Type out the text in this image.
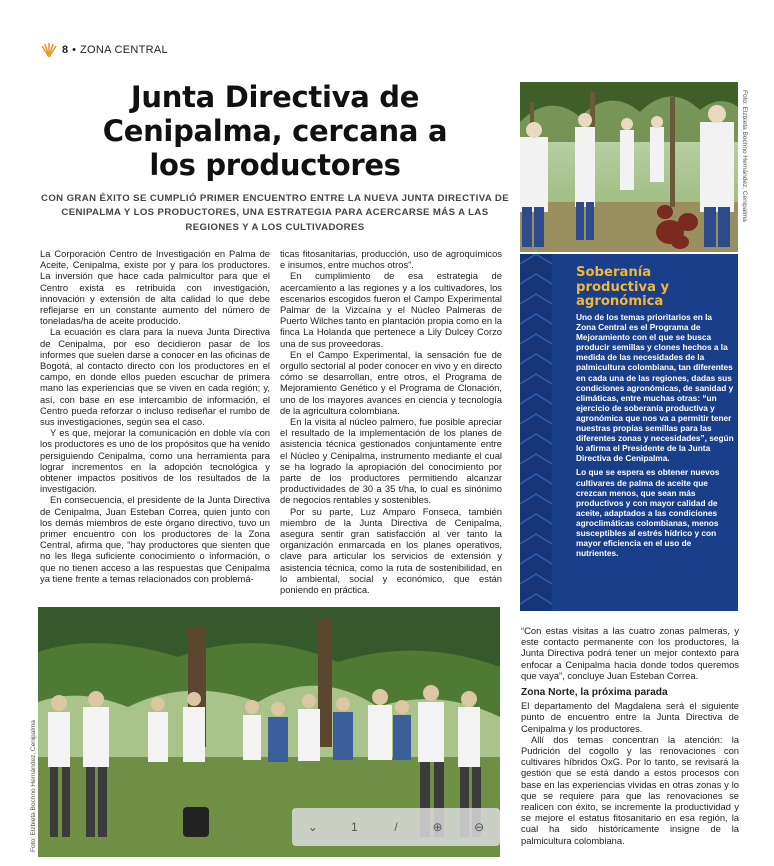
8 • ZONA CENTRAL
Junta Directiva de Cenipalma, cercana a los productores
CON GRAN ÉXITO SE CUMPLIÓ PRIMER ENCUENTRO ENTRE LA NUEVA JUNTA DIRECTIVA DE CENIPALMA Y LOS PRODUCTORES, UNA ESTRATEGIA PARA ACERCARSE MÁS A LAS REGIONES Y A LOS CULTIVADORES

La Corporación Centro de Investigación en Palma de Aceite, Cenipalma, existe por y para los productores. La inversión que hace cada palmicultor para que el Centro exista es retribuida con investigación, innovación y extensión de alta calidad lo que debe reflejarse en un constante aumento del número de toneladas/ha de aceite producido.

La ecuación es clara para la nueva Junta Directiva de Cenipalma, por eso decidieron pasar de los informes que suelen darse a conocer en las oficinas de Bogotá, al contacto directo con los productores en el campo, en donde ellos pueden escuchar de primera mano las experiencias que se viven en cada región; y, así, con base en ese intercambio de información, el Centro pueda reforzar o incluso rediseñar el rumbo de sus investigaciones, según sea el caso.

Y es que, mejorar la comunicación en doble vía con los productores es uno de los propósitos que ha venido persiguiendo Cenipalma, como una herramienta para lograr incrementos en la adopción tecnológica y obtener impactos positivos de los resultados de la investigación.

En consecuencia, el presidente de la Junta Directiva de Cenipalma, Juan Esteban Correa, quien junto con los demás miembros de este órgano directivo, tuvo un primer encuentro con los productores de la Zona Central, afirma que, “hay productores que sienten que no les llega suficiente conocimiento o información, o que no tienen acceso a las respuestas que Cenipalma ya tiene frente a temas relacionados con problemá-

ticas fitosanitarias, producción, uso de agroquímicos e insumos, entre muchos otros”.

En cumplimiento de esa estrategia de acercamiento a las regiones y a los cultivadores, los escenarios escogidos fueron el Campo Experimental Palmar de la Vizcaína y el Núcleo Palmeras de Puerto Wilches tanto en plantación propia como en la finca La Holanda que pertenece a Lily Dulcey Corzo una de sus proveedoras.

En el Campo Experimental, la sensación fue de orgullo sectorial al poder conocer en vivo y en directo cómo se desarrollan, entre otros, el Programa de Mejoramiento Genético y el Programa de Clonación, uno de los mayores avances en ciencia y tecnología de la agricultura colombiana.

En la visita al núcleo palmero, fue posible apreciar el resultado de la implementación de los planes de asistencia técnica gestionados conjuntamente entre el Núcleo y Cenipalma, instrumento mediante el cual se ha logrado la apropiación del conocimiento por parte de los productores permitiendo alcanzar productividades de 30 a 35 t/ha, lo cual es sinónimo de negocios rentables y sostenibles.

Por su parte, Luz Amparo Fonseca, también miembro de la Junta Directiva de Cenipalma, asegura sentir gran satisfacción al ver tanto la organización enmarcada en los planes operativos, clave para articular los servicios de extensión y asistencia técnica, como la ruta de sostenibilidad, en lo ambiental, social y económico, que están poniendo en práctica.

Foto: Elzbieta Bochno Hernández, Cenipalma
Soberanía productiva y agronómica

Uno de los temas prioritarios en la Zona Central es el Programa de Mejoramiento con el que se busca producir semillas y clones hechos a la medida de las necesidades de la palmicultura colombiana, tan diferentes en cada una de las regiones, dadas sus condiciones agronómicas, de sanidad y climáticas, entre muchas otras: “un ejercicio de soberanía productiva y agronómica que nos va a permitir tener nuestras propias semillas para las diferentes zonas y necesidades”, según lo afirma el Presidente de la Junta Directiva de Cenipalma.

Lo que se espera es obtener nuevos cultivares de palma de aceite que crezcan menos, que sean más productivos y con mayor calidad de aceite, adaptados a las condiciones agroclimáticas colombianas, menos susceptibles al estrés hídrico y con mayor eficiencia en el uso de nutrientes.

Foto: Elzbieta Bochno Hernández, Cenipalma	⌄	1	/	⊕	⊖

“Con estas visitas a las cuatro zonas palmeras, y este contacto permanente con los productores, la Junta Directiva podrá tener un mejor contexto para enfocar a Cenipalma hacia donde todos queremos que vaya”, concluye Juan Esteban Correa.

Zona Norte, la próxima parada

El departamento del Magdalena será el siguiente punto de encuentro entre la Junta Directiva de Cenipalma y los productores.

Allí dos temas concentran la atención: la Pudrición del cogollo y las renovaciones con cultivares híbridos OxG. Por lo tanto, se revisará la gestión que se está dando a estos procesos con base en las experiencias vividas en otras zonas y lo que se requiere para que las renovaciones se realicen con éxito, se incremente la productividad y se mejore el estatus fitosanitario en esa región, la cual ha sido históricamente insigne de la palmicultura colombiana.
